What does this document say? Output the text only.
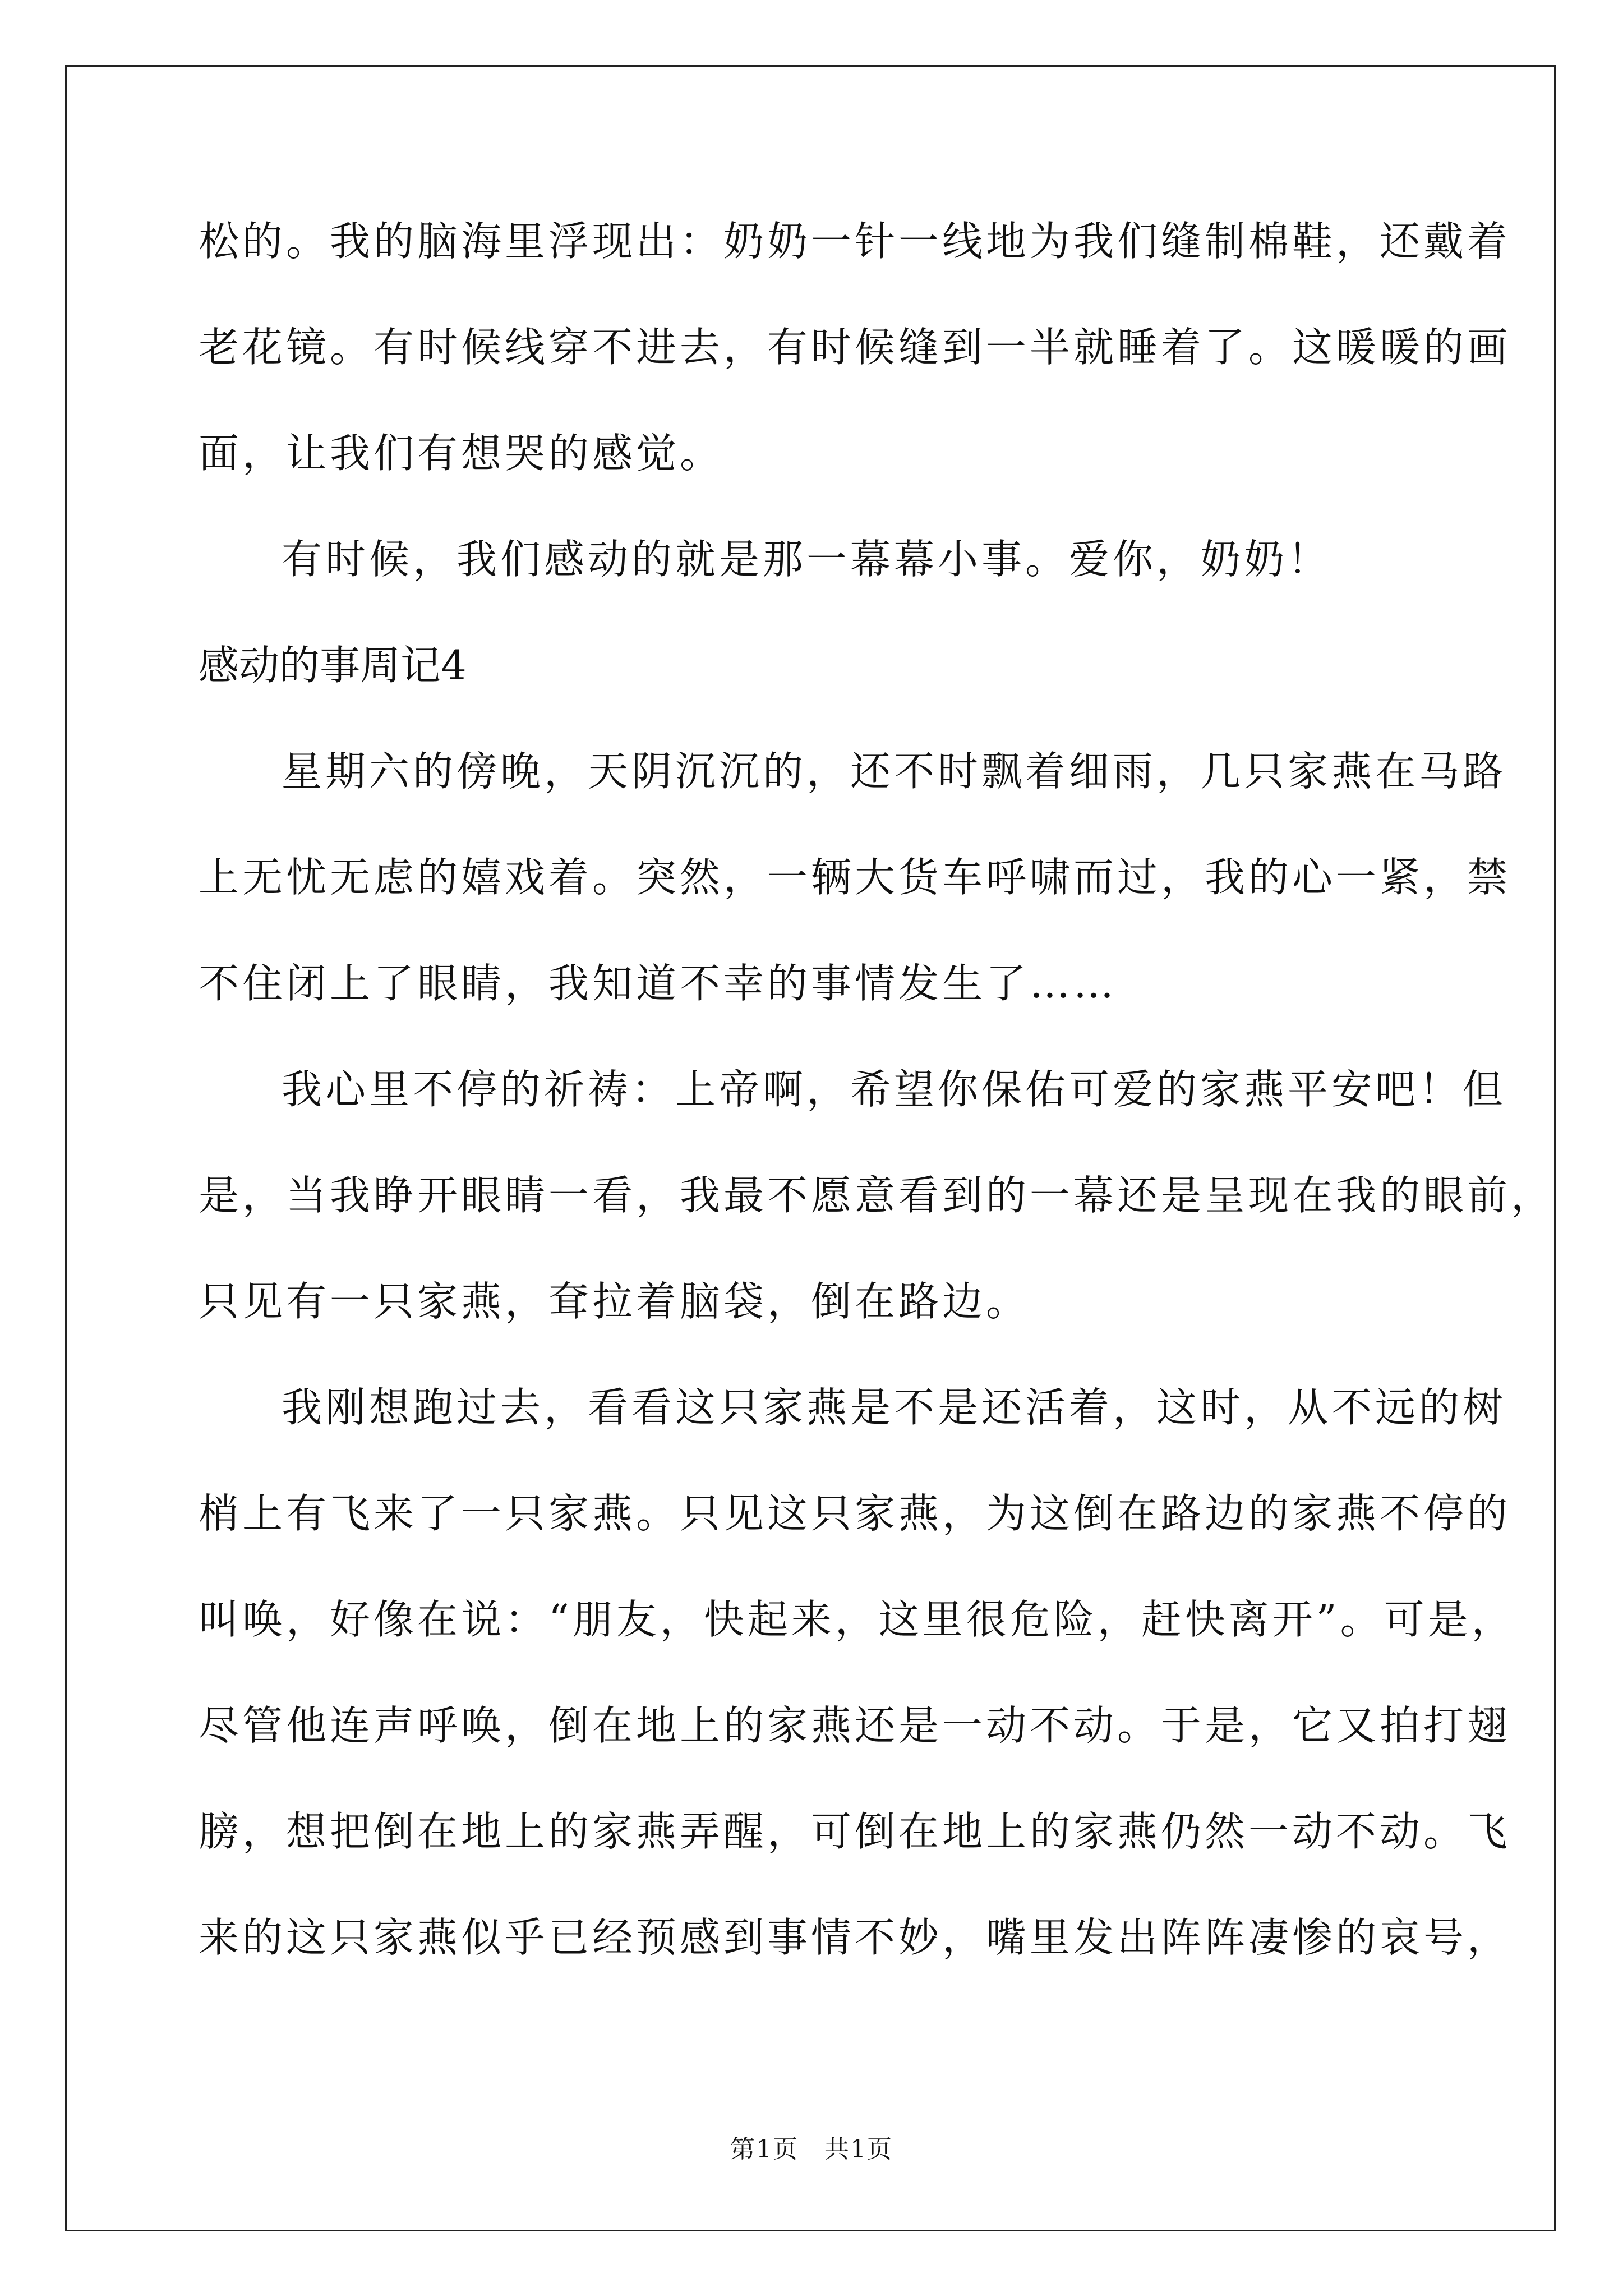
松的。我的脑海里浮现出：奶奶一针一线地为我们缝制棉鞋，还戴着
老花镜。有时候线穿不进去，有时候缝到一半就睡着了。这暖暖的画
面，让我们有想哭的感觉。
有时候，我们感动的就是那一幕幕小事。爱你，奶奶！
感动的事周记4
星期六的傍晚，天阴沉沉的，还不时飘着细雨，几只家燕在马路
上无忧无虑的嬉戏着。突然，一辆大货车呼啸而过，我的心一紧，禁
不住闭上了眼睛，我知道不幸的事情发生了……
我心里不停的祈祷：上帝啊，希望你保佑可爱的家燕平安吧！但
是，当我睁开眼睛一看，我最不愿意看到的一幕还是呈现在我的眼前，
只见有一只家燕，耷拉着脑袋，倒在路边。
我刚想跑过去，看看这只家燕是不是还活着，这时，从不远的树
梢上有飞来了一只家燕。只见这只家燕，为这倒在路边的家燕不停的
叫唤，好像在说：“朋友，快起来，这里很危险，赶快离开”。可是，
尽管他连声呼唤，倒在地上的家燕还是一动不动。于是，它又拍打翅
膀，想把倒在地上的家燕弄醒，可倒在地上的家燕仍然一动不动。飞
来的这只家燕似乎已经预感到事情不妙，嘴里发出阵阵凄惨的哀号，
第1页　共1页
